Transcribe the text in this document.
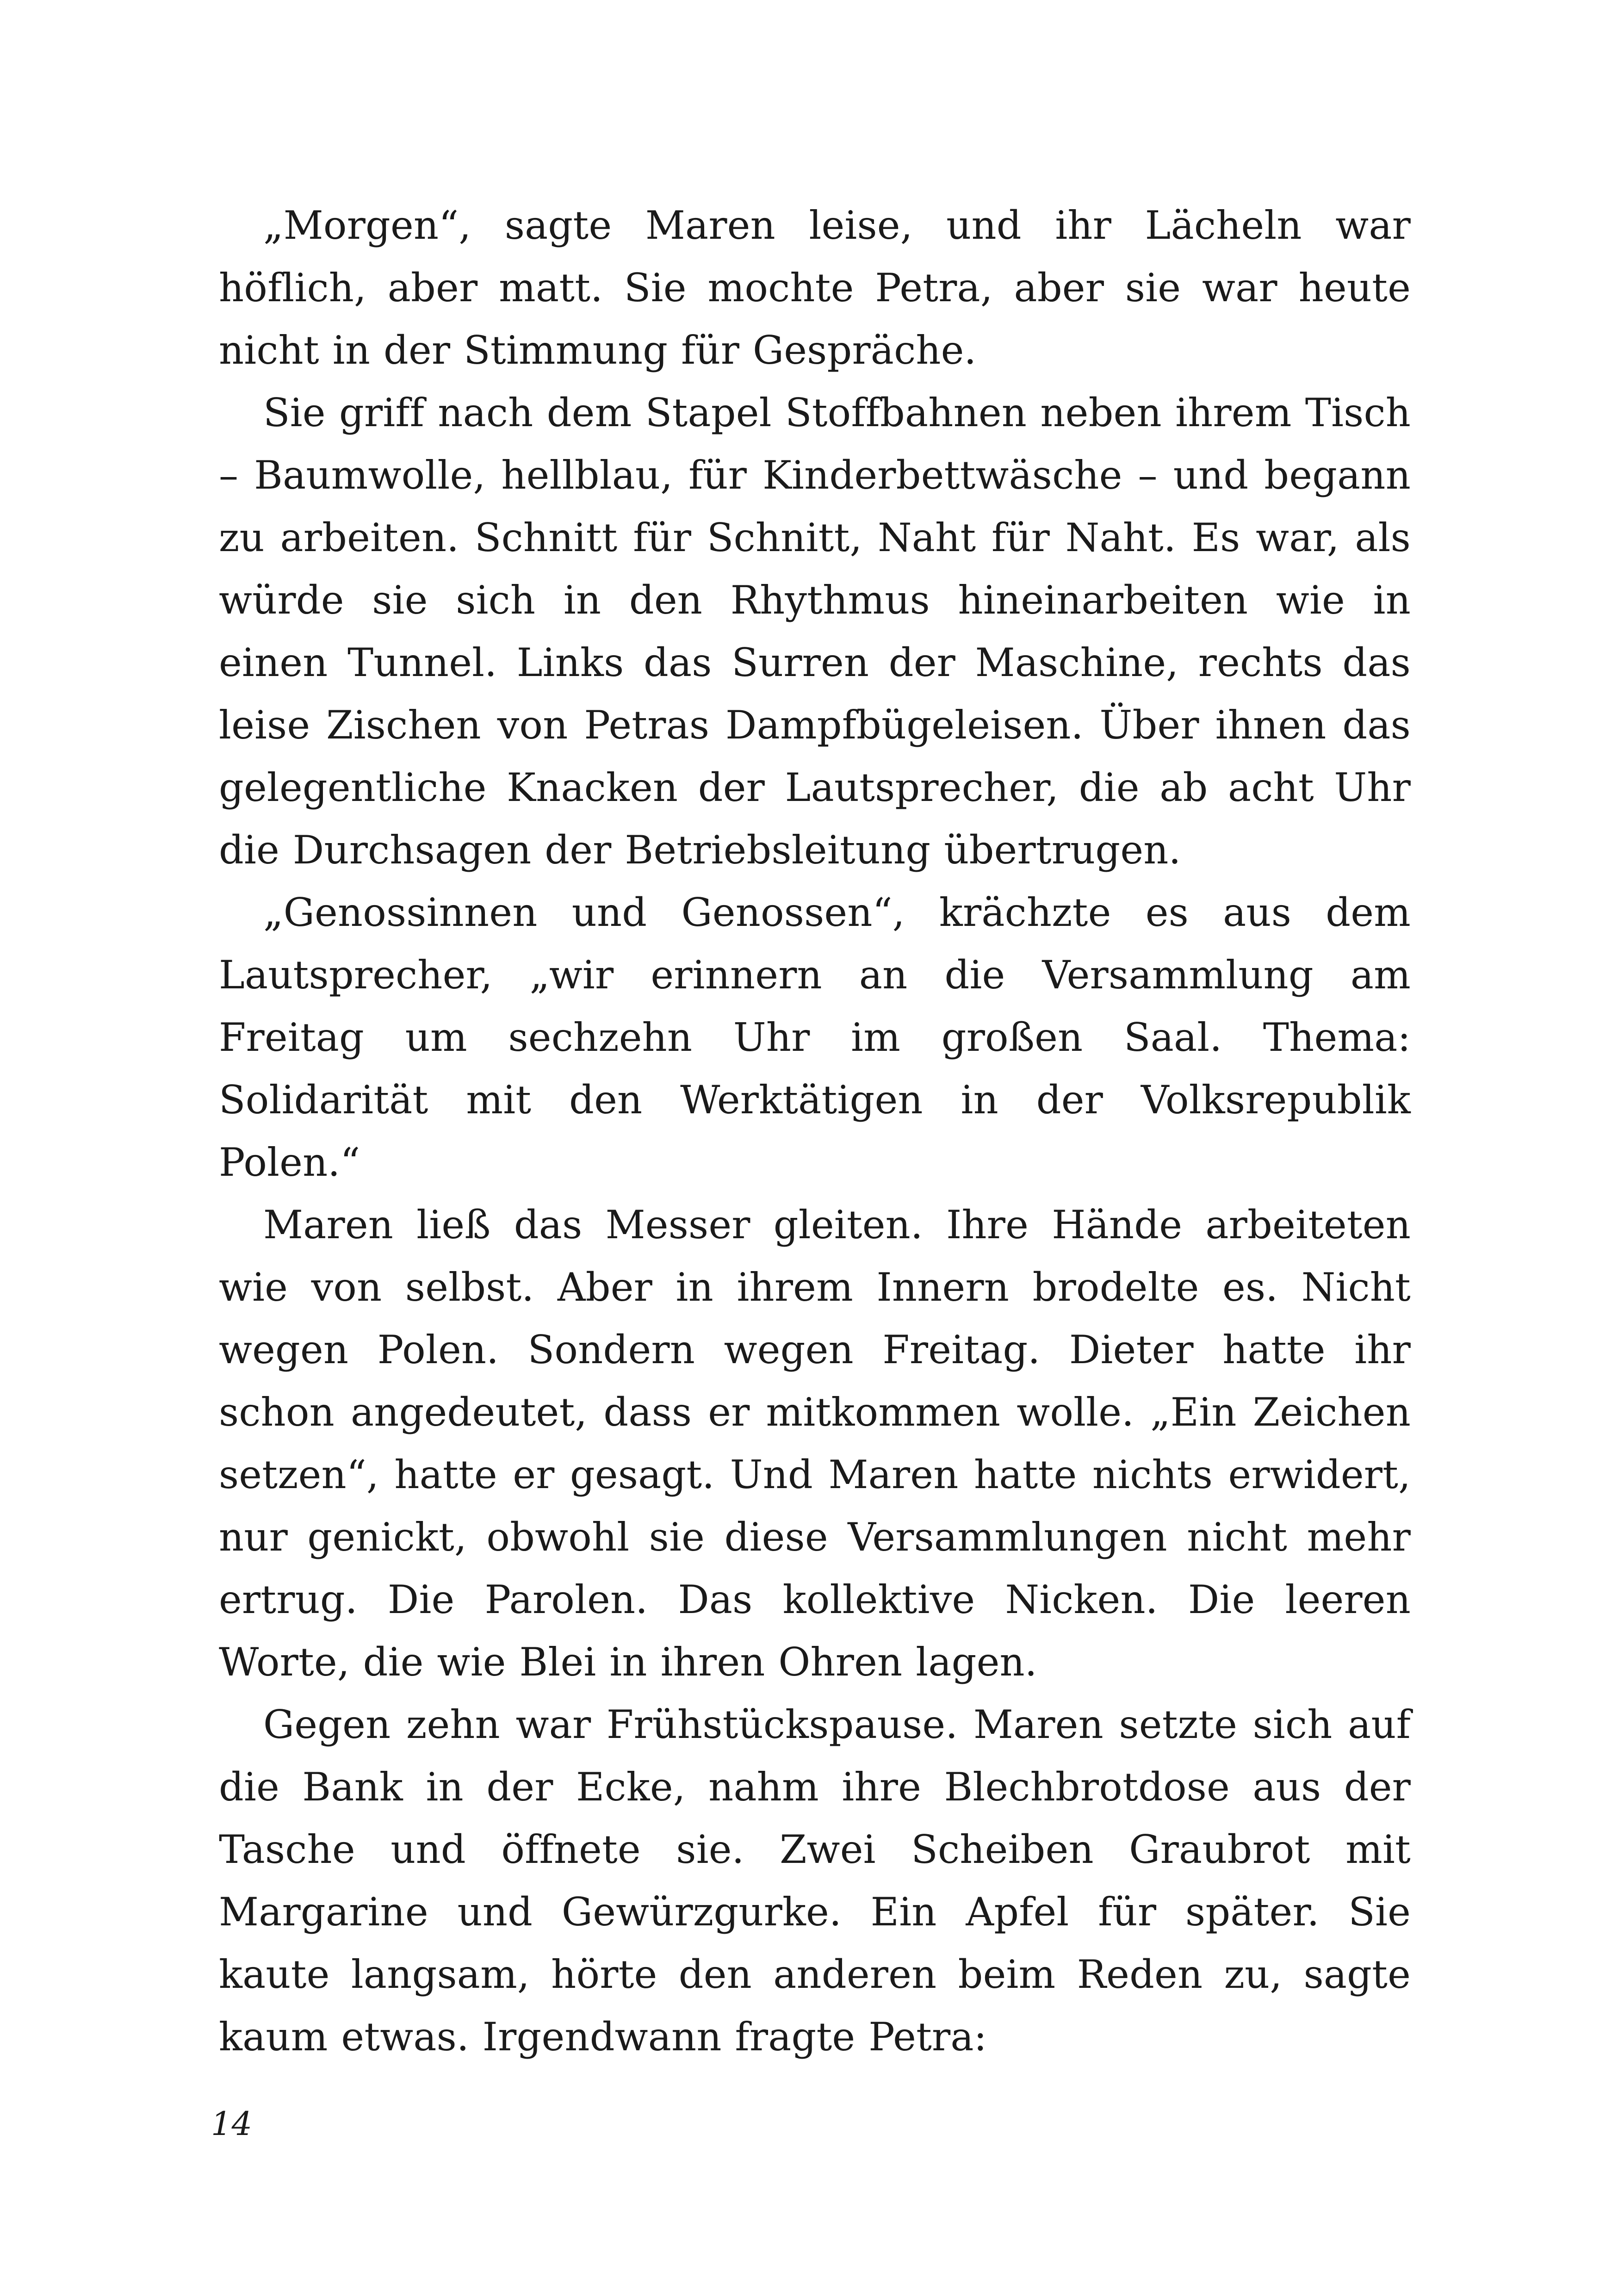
„Morgen“, sagte Maren leise, und ihr Lächeln war höflich, aber matt. Sie mochte Petra, aber sie war heute nicht in der Stimmung für Gespräche.

Sie griff nach dem Stapel Stoffbahnen neben ihrem Tisch – Baumwolle, hellblau, für Kinderbettwäsche – und begann zu arbeiten. Schnitt für Schnitt, Naht für Naht. Es war, als würde sie sich in den Rhythmus hineinarbeiten wie in einen Tunnel. Links das Surren der Maschine, rechts das leise Zischen von Petras Dampfbügeleisen. Über ihnen das gelegentliche Knacken der Lautsprecher, die ab acht Uhr die Durchsagen der Betriebsleitung übertrugen.

„Genossinnen und Genossen“, krächzte es aus dem Lautsprecher, „wir erinnern an die Versammlung am Freitag um sechzehn Uhr im großen Saal. Thema: Solidarität mit den Werktätigen in der Volksrepublik Polen.“

Maren ließ das Messer gleiten. Ihre Hände arbeiteten wie von selbst. Aber in ihrem Innern brodelte es. Nicht wegen Polen. Sondern wegen Freitag. Dieter hatte ihr schon angedeutet, dass er mitkommen wolle. „Ein Zeichen setzen“, hatte er gesagt. Und Maren hatte nichts erwidert, nur genickt, obwohl sie diese Versammlungen nicht mehr ertrug. Die Parolen. Das kollektive Nicken. Die leeren Worte, die wie Blei in ihren Ohren lagen.

Gegen zehn war Frühstückspause. Maren setzte sich auf die Bank in der Ecke, nahm ihre Blechbrotdose aus der Tasche und öffnete sie. Zwei Scheiben Graubrot mit Margarine und Gewürzgurke. Ein Apfel für später. Sie kaute langsam, hörte den anderen beim Reden zu, sagte kaum etwas. Irgendwann fragte Petra:

14
